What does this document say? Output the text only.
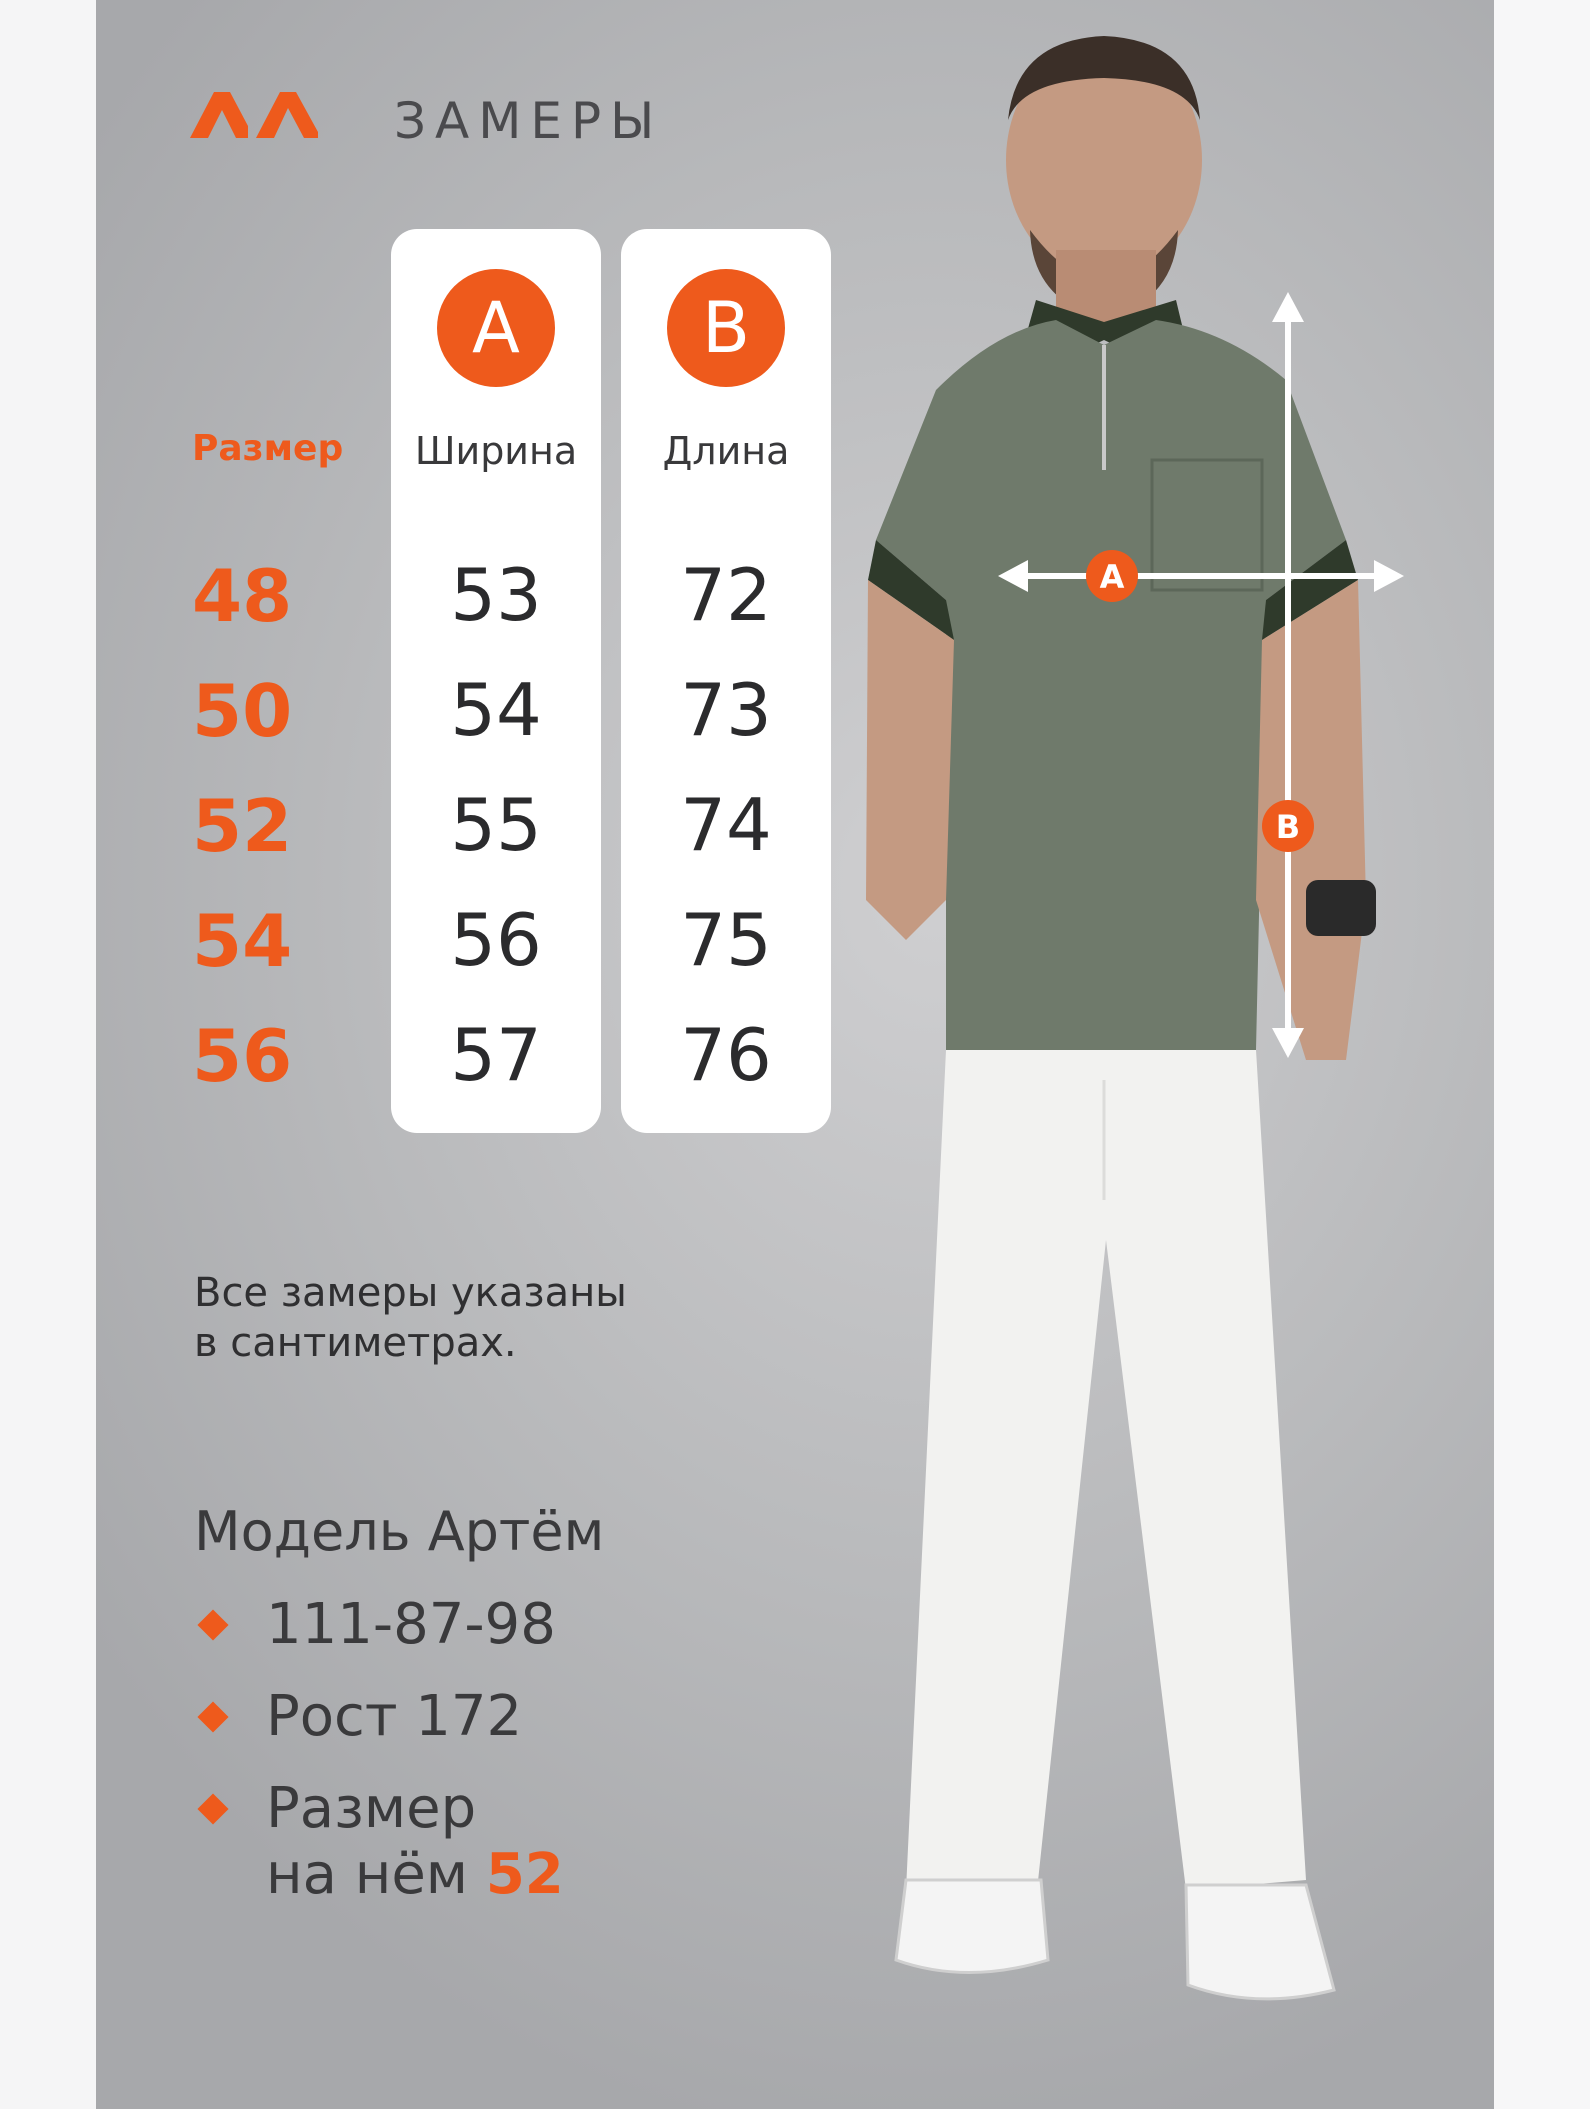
ЗАМЕРЫ
Размер
48
50
52
54
56
A
Ширина
53
54
55
56
57
B
Длина
72
73
74
75
76
Все замеры указаны
в сантиметрах.
Модель Артём
111-87-98
Рост 172
Размер
на нём 52
A
B
